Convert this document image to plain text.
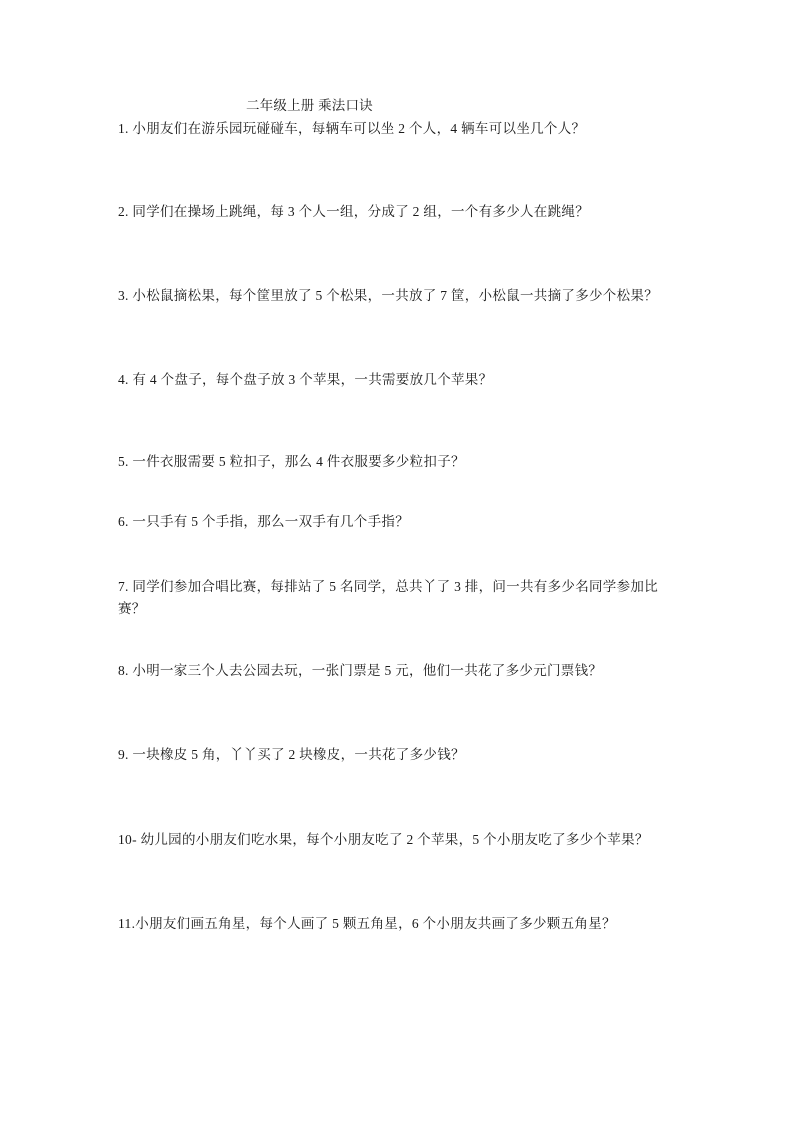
二年级上册 乘法口诀
1. 小朋友们在游乐园玩碰碰车，每辆车可以坐 2 个人，4 辆车可以坐几个人？
2. 同学们在操场上跳绳，每 3 个人一组，分成了 2 组，一个有多少人在跳绳？
3. 小松鼠摘松果，每个筐里放了 5 个松果，一共放了 7 筐，小松鼠一共摘了多少个松果？
4. 有 4 个盘子，每个盘子放 3 个苹果，一共需要放几个苹果？
5. 一件衣服需要 5 粒扣子，那么 4 件衣服要多少粒扣子？
6. 一只手有 5 个手指，那么一双手有几个手指？
7. 同学们参加合唱比赛，每排站了 5 名同学，总共丫了 3 排，问一共有多少名同学参加比赛？
8. 小明一家三个人去公园去玩，一张门票是 5 元，他们一共花了多少元门票钱？
9. 一块橡皮 5 角，丫丫买了 2 块橡皮，一共花了多少钱？
10- 幼儿园的小朋友们吃水果，每个小朋友吃了 2 个苹果，5 个小朋友吃了多少个苹果？
11.小朋友们画五角星，每个人画了 5 颗五角星，6 个小朋友共画了多少颗五角星？
